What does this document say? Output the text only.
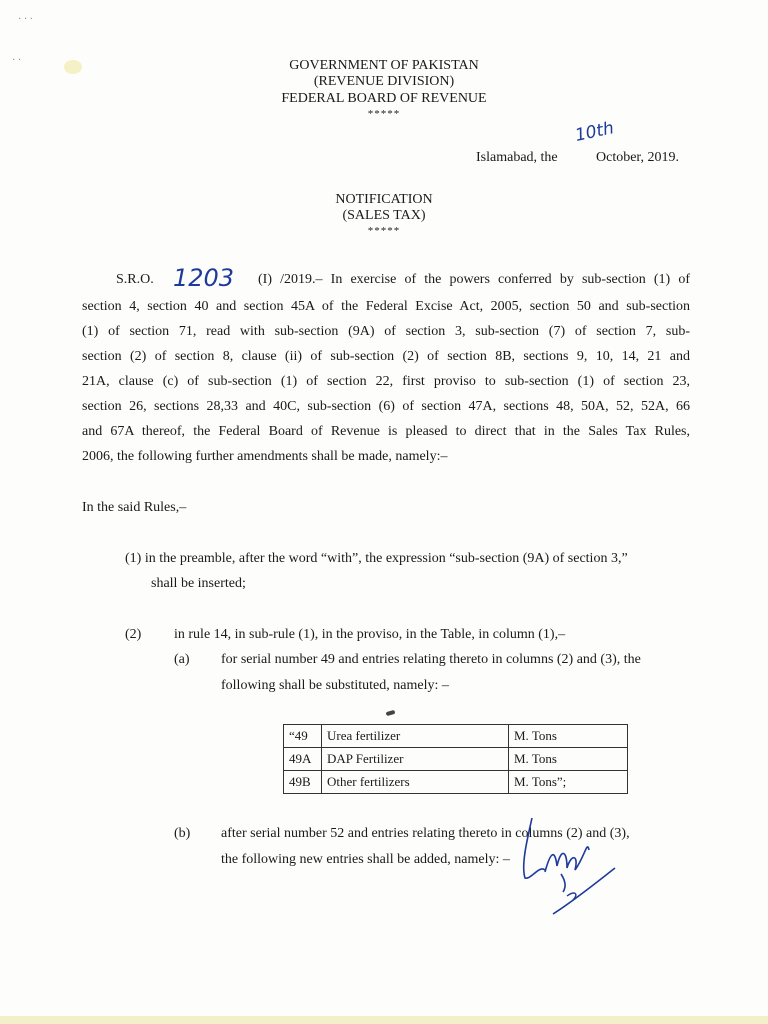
· · ·
· ·	GOVERNMENT OF PAKISTAN
(REVENUE DIVISION)
FEDERAL BOARD OF REVENUE
*****
10th
Islamabad, the	October, 2019.
NOTIFICATION
(SALES TAX)
*****
S.R.O. 1203 (I) /2019.– In exercise of the powers conferred by sub-section (1) of
section 4, section 40 and section 45A of the Federal Excise Act, 2005, section 50 and sub-section
(1) of section 71, read with sub-section (9A) of section 3, sub-section (7) of section 7, sub-
section (2) of section 8, clause (ii) of sub-section (2) of section 8B, sections 9, 10, 14, 21 and
21A, clause (c) of sub-section (1) of section 22, first proviso to sub-section (1) of section 23,
section 26, sections 28,33 and 40C, sub-section (6) of section 47A, sections 48, 50A, 52, 52A, 66
and 67A thereof, the Federal Board of Revenue is pleased to direct that in the Sales Tax Rules,
2006, the following further amendments shall be made, namely:–
In the said Rules,–
(1) in the preamble, after the word “with”, the expression “sub-section (9A) of section 3,”
shall be inserted;
(2) in rule 14, in sub-rule (1), in the proviso, in the Table, in column (1),–
(a) for serial number 49 and entries relating thereto in columns (2) and (3), the
following shall be substituted, namely: –
“49	Urea fertilizer	M. Tons
49A	DAP Fertilizer	M. Tons
49B	Other fertilizers	M. Tons”;
(b) after serial number 52 and entries relating thereto in columns (2) and (3),
the following new entries shall be added, namely: –
